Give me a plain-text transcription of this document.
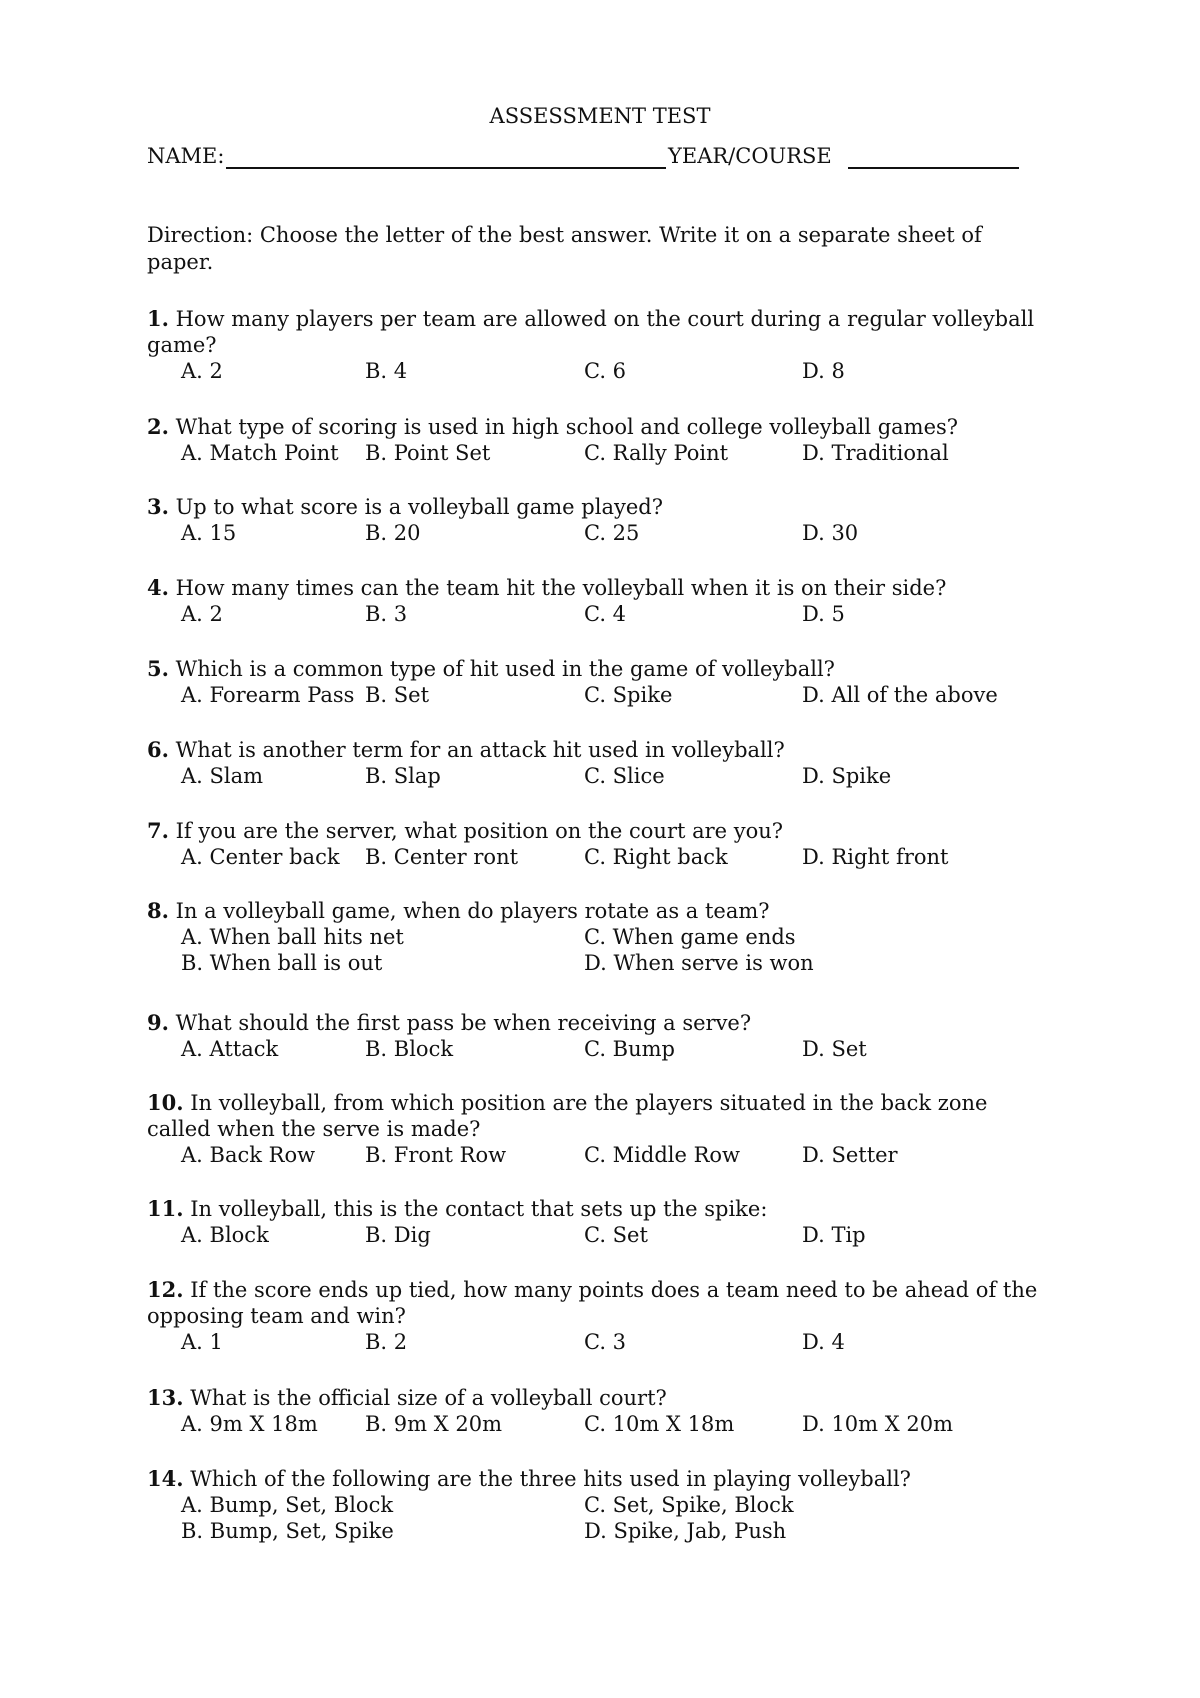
ASSESSMENT TEST
NAME:	YEAR/COURSE
Direction: Choose the letter of the best answer. Write it on a separate sheet of paper.
1. How many players per team are allowed on the court during a regular volleyball game?
A. 2	B. 4	C. 6	D. 8
2. What type of scoring is used in high school and college volleyball games?
A. Match Point B. Point Set	C. Rally Point	D. Traditional
3. Up to what score is a volleyball game played?
A. 15	B. 20	C. 25	D. 30
4. How many times can the team hit the volleyball when it is on their side?
A. 2	B. 3	C. 4	D. 5
5. Which is a common type of hit used in the game of volleyball?
A. Forearm Pass B. Set	C. Spike	D. All of the above
6. What is another term for an attack hit used in volleyball?
A. Slam	B. Slap	C. Slice	D. Spike
7. If you are the server, what position on the court are you?
A. Center back B. Center ront	C. Right back	D. Right front
8. In a volleyball game, when do players rotate as a team?
A. When ball hits net	C. When game ends
B. When ball is out	D. When serve is won
9. What should the first pass be when receiving a serve?
A. Attack	B. Block	C. Bump	D. Set
10. In volleyball, from which position are the players situated in the back zone called when the serve is made?
A. Back Row B. Front Row	C. Middle Row	D. Setter
11. In volleyball, this is the contact that sets up the spike:
A. Block	B. Dig	C. Set	D. Tip
12. If the score ends up tied, how many points does a team need to be ahead of the opposing team and win?
A. 1	B. 2	C. 3	D. 4
13. What is the official size of a volleyball court?
A. 9m X 18m B. 9m X 20m	C. 10m X 18m	D. 10m X 20m
14. Which of the following are the three hits used in playing volleyball?
A. Bump, Set, Block	C. Set, Spike, Block
B. Bump, Set, Spike	D. Spike, Jab, Push
